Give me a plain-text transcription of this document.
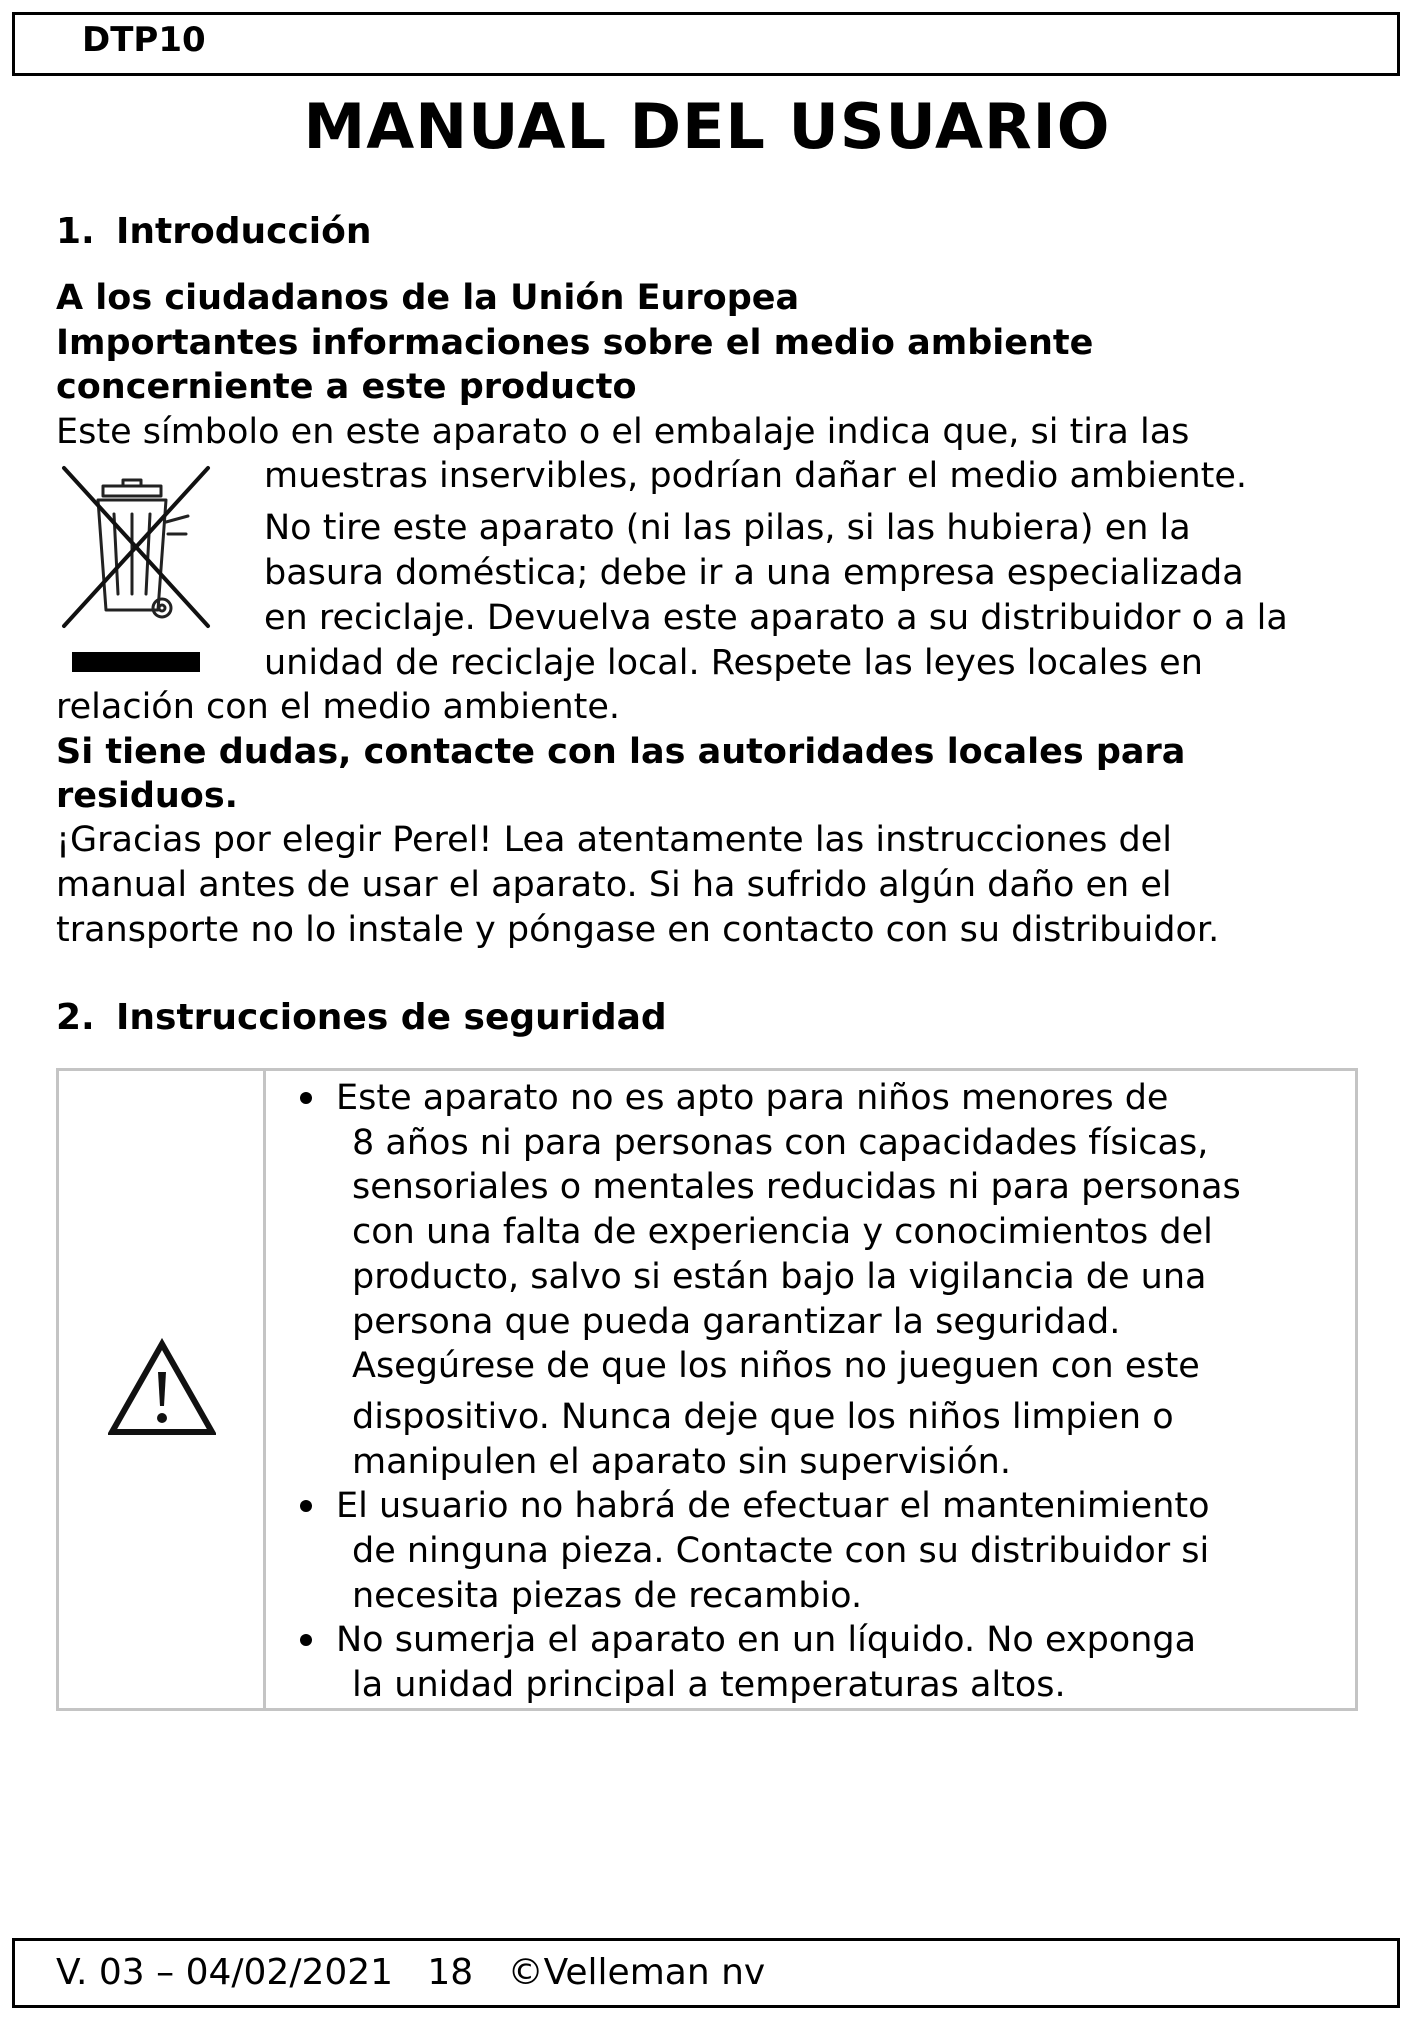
DTP10
MANUAL DEL USUARIO
1. Introducción
A los ciudadanos de la Unión Europea
Importantes informaciones sobre el medio ambiente
concerniente a este producto
Este símbolo en este aparato o el embalaje indica que, si tira las
muestras inservibles, podrían dañar el medio ambiente.
No tire este aparato (ni las pilas, si las hubiera) en la
basura doméstica; debe ir a una empresa especializada
en reciclaje. Devuelva este aparato a su distribuidor o a la
unidad de reciclaje local. Respete las leyes locales en
relación con el medio ambiente.
Si tiene dudas, contacte con las autoridades locales para
residuos.
¡Gracias por elegir Perel! Lea atentamente las instrucciones del
manual antes de usar el aparato. Si ha sufrido algún daño en el
transporte no lo instale y póngase en contacto con su distribuidor.
2. Instrucciones de seguridad
Este aparato no es apto para niños menores de
8 años ni para personas con capacidades físicas,
sensoriales o mentales reducidas ni para personas
con una falta de experiencia y conocimientos del
producto, salvo si están bajo la vigilancia de una
persona que pueda garantizar la seguridad.
Asegúrese de que los niños no jueguen con este
dispositivo. Nunca deje que los niños limpien o
manipulen el aparato sin supervisión.
El usuario no habrá de efectuar el mantenimiento
de ninguna pieza. Contacte con su distribuidor si
necesita piezas de recambio.
No sumerja el aparato en un líquido. No exponga
la unidad principal a temperaturas altos.
V. 03 – 04/02/2021 18 ©Velleman nv
